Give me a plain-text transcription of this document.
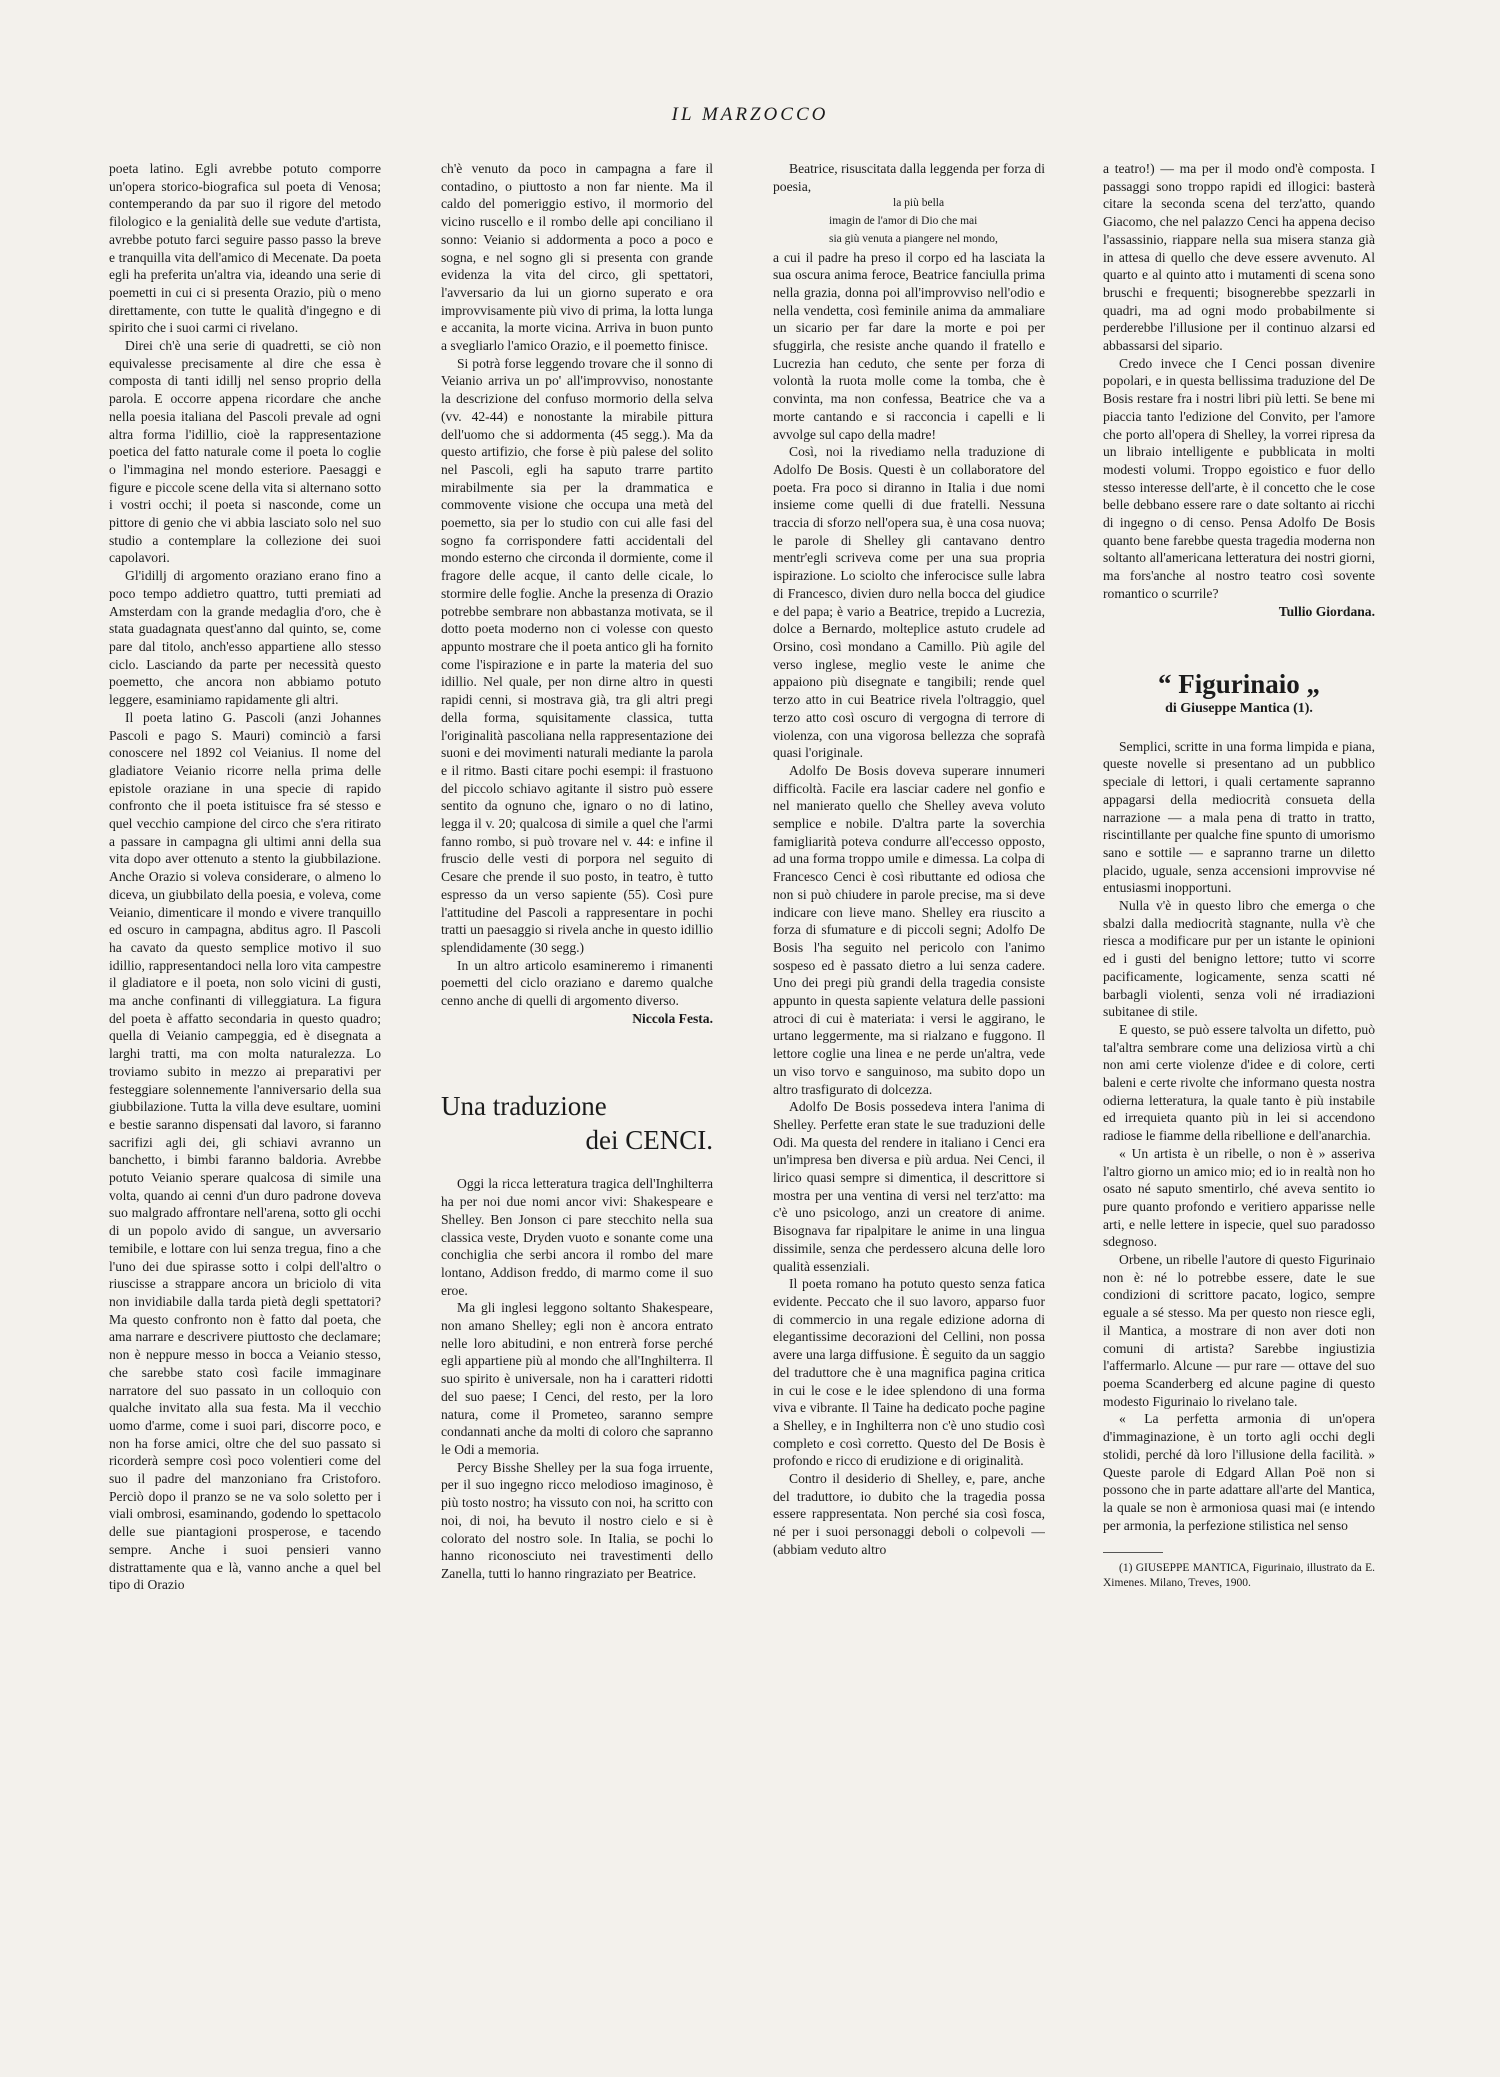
IL MARZOCCO

poeta latino. Egli avrebbe potuto comporre un'opera storico-biografica sul poeta di Venosa; contemperando da par suo il rigore del metodo filologico e la genialità delle sue vedute d'artista, avrebbe potuto farci seguire passo passo la breve e tranquilla vita dell'amico di Mecenate. Da poeta egli ha preferita un'altra via, ideando una serie di poemetti in cui ci si presenta Orazio, più o meno direttamente, con tutte le qualità d'ingegno e di spirito che i suoi carmi ci rivelano.

Direi ch'è una serie di quadretti, se ciò non equivalesse precisamente al dire che essa è composta di tanti idillj nel senso proprio della parola. E occorre appena ricordare che anche nella poesia italiana del Pascoli prevale ad ogni altra forma l'idillio, cioè la rappresentazione poetica del fatto naturale come il poeta lo coglie o l'immagina nel mondo esteriore. Paesaggi e figure e piccole scene della vita si alternano sotto i vostri occhi; il poeta si nasconde, come un pittore di genio che vi abbia lasciato solo nel suo studio a contemplare la collezione dei suoi capolavori.

Gl'idillj di argomento oraziano erano fino a poco tempo addietro quattro, tutti premiati ad Amsterdam con la grande medaglia d'oro, che è stata guadagnata quest'anno dal quinto, se, come pare dal titolo, anch'esso appartiene allo stesso ciclo. Lasciando da parte per necessità questo poemetto, che ancora non abbiamo potuto leggere, esaminiamo rapidamente gli altri.

Il poeta latino G. Pascoli (anzi Johannes Pascoli e pago S. Mauri) cominciò a farsi conoscere nel 1892 col Veianius. Il nome del gladiatore Veianio ricorre nella prima delle epistole oraziane in una specie di rapido confronto che il poeta istituisce fra sé stesso e quel vecchio campione del circo che s'era ritirato a passare in campagna gli ultimi anni della sua vita dopo aver ottenuto a stento la giubbilazione. Anche Orazio si voleva considerare, o almeno lo diceva, un giubbilato della poesia, e voleva, come Veianio, dimenticare il mondo e vivere tranquillo ed oscuro in campagna, abditus agro. Il Pascoli ha cavato da questo semplice motivo il suo idillio, rappresentandoci nella loro vita campestre il gladiatore e il poeta, non solo vicini di gusti, ma anche confinanti di villeggiatura. La figura del poeta è affatto secondaria in questo quadro; quella di Veianio campeggia, ed è disegnata a larghi tratti, ma con molta naturalezza. Lo troviamo subito in mezzo ai preparativi per festeggiare solennemente l'anniversario della sua giubbilazione. Tutta la villa deve esultare, uomini e bestie saranno dispensati dal lavoro, si faranno sacrifizi agli dei, gli schiavi avranno un banchetto, i bimbi faranno baldoria. Avrebbe potuto Veianio sperare qualcosa di simile una volta, quando ai cenni d'un duro padrone doveva suo malgrado affrontare nell'arena, sotto gli occhi di un popolo avido di sangue, un avversario temibile, e lottare con lui senza tregua, fino a che l'uno dei due spirasse sotto i colpi dell'altro o riuscisse a strappare ancora un briciolo di vita non invidiabile dalla tarda pietà degli spettatori? Ma questo confronto non è fatto dal poeta, che ama narrare e descrivere piuttosto che declamare; non è neppure messo in bocca a Veianio stesso, che sarebbe stato così facile immaginare narratore del suo passato in un colloquio con qualche invitato alla sua festa. Ma il vecchio uomo d'arme, come i suoi pari, discorre poco, e non ha forse amici, oltre che del suo passato si ricorderà sempre così poco volentieri come del suo il padre del manzoniano fra Cristoforo. Perciò dopo il pranzo se ne va solo soletto per i viali ombrosi, esaminando, godendo lo spettacolo delle sue piantagioni prosperose, e tacendo sempre. Anche i suoi pensieri vanno distrattamente qua e là, vanno anche a quel bel tipo di Orazio

ch'è venuto da poco in campagna a fare il contadino, o piuttosto a non far niente. Ma il caldo del pomeriggio estivo, il mormorio del vicino ruscello e il rombo delle api conciliano il sonno: Veianio si addormenta a poco a poco e sogna, e nel sogno gli si presenta con grande evidenza la vita del circo, gli spettatori, l'avversario da lui un giorno superato e ora improvvisamente più vivo di prima, la lotta lunga e accanita, la morte vicina. Arriva in buon punto a svegliarlo l'amico Orazio, e il poemetto finisce.

Si potrà forse leggendo trovare che il sonno di Veianio arriva un po' all'improvviso, nonostante la descrizione del confuso mormorio della selva (vv. 42-44) e nonostante la mirabile pittura dell'uomo che si addormenta (45 segg.). Ma da questo artifizio, che forse è più palese del solito nel Pascoli, egli ha saputo trarre partito mirabilmente sia per la drammatica e commovente visione che occupa una metà del poemetto, sia per lo studio con cui alle fasi del sogno fa corrispondere fatti accidentali del mondo esterno che circonda il dormiente, come il fragore delle acque, il canto delle cicale, lo stormire delle foglie. Anche la presenza di Orazio potrebbe sembrare non abbastanza motivata, se il dotto poeta moderno non ci volesse con questo appunto mostrare che il poeta antico gli ha fornito come l'ispirazione e in parte la materia del suo idillio. Nel quale, per non dirne altro in questi rapidi cenni, si mostrava già, tra gli altri pregi della forma, squisitamente classica, tutta l'originalità pascoliana nella rappresentazione dei suoni e dei movimenti naturali mediante la parola e il ritmo. Basti citare pochi esempi: il frastuono del piccolo schiavo agitante il sistro può essere sentito da ognuno che, ignaro o no di latino, legga il v. 20; qualcosa di simile a quel che l'armi fanno rombo, si può trovare nel v. 44: e infine il fruscio delle vesti di porpora nel seguito di Cesare che prende il suo posto, in teatro, è tutto espresso da un verso sapiente (55). Così pure l'attitudine del Pascoli a rappresentare in pochi tratti un paesaggio si rivela anche in questo idillio splendidamente (30 segg.)

In un altro articolo esamineremo i rimanenti poemetti del ciclo oraziano e daremo qualche cenno anche di quelli di argomento diverso.

Niccola Festa.

Una traduzione
dei CENCI.

Oggi la ricca letteratura tragica dell'Inghilterra ha per noi due nomi ancor vivi: Shakespeare e Shelley. Ben Jonson ci pare stecchito nella sua classica veste, Dryden vuoto e sonante come una conchiglia che serbi ancora il rombo del mare lontano, Addison freddo, di marmo come il suo eroe.

Ma gli inglesi leggono soltanto Shakespeare, non amano Shelley; egli non è ancora entrato nelle loro abitudini, e non entrerà forse perché egli appartiene più al mondo che all'Inghilterra. Il suo spirito è universale, non ha i caratteri ridotti del suo paese; I Cenci, del resto, per la loro natura, come il Prometeo, saranno sempre condannati anche da molti di coloro che sapranno le Odi a memoria.

Percy Bisshe Shelley per la sua foga irruente, per il suo ingegno ricco melodioso imaginoso, è più tosto nostro; ha vissuto con noi, ha scritto con noi, di noi, ha bevuto il nostro cielo e si è colorato del nostro sole. In Italia, se pochi lo hanno riconosciuto nei travestimenti dello Zanella, tutti lo hanno ringraziato per Beatrice.

Beatrice, risuscitata dalla leggenda per forza di poesia,

la più bella

imagin de l'amor di Dio che mai

sia giù venuta a piangere nel mondo,

a cui il padre ha preso il corpo ed ha lasciata la sua oscura anima feroce, Beatrice fanciulla prima nella grazia, donna poi all'improvviso nell'odio e nella vendetta, così feminile anima da ammaliare un sicario per far dare la morte e poi per sfuggirla, che resiste anche quando il fratello e Lucrezia han ceduto, che sente per forza di volontà la ruota molle come la tomba, che è convinta, ma non confessa, Beatrice che va a morte cantando e si racconcia i capelli e li avvolge sul capo della madre!

Così, noi la rivediamo nella traduzione di Adolfo De Bosis. Questi è un collaboratore del poeta. Fra poco si diranno in Italia i due nomi insieme come quelli di due fratelli. Nessuna traccia di sforzo nell'opera sua, è una cosa nuova; le parole di Shelley gli cantavano dentro mentr'egli scriveva come per una sua propria ispirazione. Lo sciolto che inferocisce sulle labra di Francesco, divien duro nella bocca del giudice e del papa; è vario a Beatrice, trepido a Lucrezia, dolce a Bernardo, molteplice astuto crudele ad Orsino, così mondano a Camillo. Più agile del verso inglese, meglio veste le anime che appaiono più disegnate e tangibili; rende quel terzo atto in cui Beatrice rivela l'oltraggio, quel terzo atto così oscuro di vergogna di terrore di violenza, con una vigorosa bellezza che soprafà quasi l'originale.

Adolfo De Bosis doveva superare innumeri difficoltà. Facile era lasciar cadere nel gonfio e nel manierato quello che Shelley aveva voluto semplice e nobile. D'altra parte la soverchia famigliarità poteva condurre all'eccesso opposto, ad una forma troppo umile e dimessa. La colpa di Francesco Cenci è così ributtante ed odiosa che non si può chiudere in parole precise, ma si deve indicare con lieve mano. Shelley era riuscito a forza di sfumature e di piccoli segni; Adolfo De Bosis l'ha seguito nel pericolo con l'animo sospeso ed è passato dietro a lui senza cadere. Uno dei pregi più grandi della tragedia consiste appunto in questa sapiente velatura delle passioni atroci di cui è materiata: i versi le aggirano, le urtano leggermente, ma si rialzano e fuggono. Il lettore coglie una linea e ne perde un'altra, vede un viso torvo e sanguinoso, ma subito dopo un altro trasfigurato di dolcezza.

Adolfo De Bosis possedeva intera l'anima di Shelley. Perfette eran state le sue traduzioni delle Odi. Ma questa del rendere in italiano i Cenci era un'impresa ben diversa e più ardua. Nei Cenci, il lirico quasi sempre si dimentica, il descrittore si mostra per una ventina di versi nel terz'atto: ma c'è uno psicologo, anzi un creatore di anime. Bisognava far ripalpitare le anime in una lingua dissimile, senza che perdessero alcuna delle loro qualità essenziali.

Il poeta romano ha potuto questo senza fatica evidente. Peccato che il suo lavoro, apparso fuor di commercio in una regale edizione adorna di elegantissime decorazioni del Cellini, non possa avere una larga diffusione. È seguito da un saggio del traduttore che è una magnifica pagina critica in cui le cose e le idee splendono di una forma viva e vibrante. Il Taine ha dedicato poche pagine a Shelley, e in Inghilterra non c'è uno studio così completo e così corretto. Questo del De Bosis è profondo e ricco di erudizione e di originalità.

Contro il desiderio di Shelley, e, pare, anche del traduttore, io dubito che la tragedia possa essere rappresentata. Non perché sia così fosca, né per i suoi personaggi deboli o colpevoli — (abbiam veduto altro

a teatro!) — ma per il modo ond'è composta. I passaggi sono troppo rapidi ed illogici: basterà citare la seconda scena del terz'atto, quando Giacomo, che nel palazzo Cenci ha appena deciso l'assassinio, riappare nella sua misera stanza già in attesa di quello che deve essere avvenuto. Al quarto e al quinto atto i mutamenti di scena sono bruschi e frequenti; bisognerebbe spezzarli in quadri, ma ad ogni modo probabilmente si perderebbe l'illusione per il continuo alzarsi ed abbassarsi del sipario.

Credo invece che I Cenci possan divenire popolari, e in questa bellissima traduzione del De Bosis restare fra i nostri libri più letti. Se bene mi piaccia tanto l'edizione del Convito, per l'amore che porto all'opera di Shelley, la vorrei ripresa da un libraio intelligente e pubblicata in molti modesti volumi. Troppo egoistico e fuor dello stesso interesse dell'arte, è il concetto che le cose belle debbano essere rare o date soltanto ai ricchi di ingegno o di censo. Pensa Adolfo De Bosis quanto bene farebbe questa tragedia moderna non soltanto all'americana letteratura dei nostri giorni, ma fors'anche al nostro teatro così sovente romantico o scurrile?

Tullio Giordana.

“ Figurinaio „
di Giuseppe Mantica (1).

Semplici, scritte in una forma limpida e piana, queste novelle si presentano ad un pubblico speciale di lettori, i quali certamente sapranno appagarsi della mediocrità consueta della narrazione — a mala pena di tratto in tratto, riscintillante per qualche fine spunto di umorismo sano e sottile — e sapranno trarne un diletto placido, uguale, senza accensioni improvvise né entusiasmi inopportuni.

Nulla v'è in questo libro che emerga o che sbalzi dalla mediocrità stagnante, nulla v'è che riesca a modificare pur per un istante le opinioni ed i gusti del benigno lettore; tutto vi scorre pacificamente, logicamente, senza scatti né barbagli violenti, senza voli né irradiazioni subitanee di stile.

E questo, se può essere talvolta un difetto, può tal'altra sembrare come una deliziosa virtù a chi non ami certe violenze d'idee e di colore, certi baleni e certe rivolte che informano questa nostra odierna letteratura, la quale tanto è più instabile ed irrequieta quanto più in lei si accendono radiose le fiamme della ribellione e dell'anarchia.

« Un artista è un ribelle, o non è » asseriva l'altro giorno un amico mio; ed io in realtà non ho osato né saputo smentirlo, ché aveva sentito io pure quanto profondo e veritiero apparisse nelle arti, e nelle lettere in ispecie, quel suo paradosso sdegnoso.

Orbene, un ribelle l'autore di questo Figurinaio non è: né lo potrebbe essere, date le sue condizioni di scrittore pacato, logico, sempre eguale a sé stesso. Ma per questo non riesce egli, il Mantica, a mostrare di non aver doti non comuni di artista? Sarebbe ingiustizia l'affermarlo. Alcune — pur rare — ottave del suo poema Scanderberg ed alcune pagine di questo modesto Figurinaio lo rivelano tale.

« La perfetta armonia di un'opera d'immaginazione, è un torto agli occhi degli stolidi, perché dà loro l'illusione della facilità. » Queste parole di Edgard Allan Poë non si possono che in parte adattare all'arte del Mantica, la quale se non è armoniosa quasi mai (e intendo per armonia, la perfezione stilistica nel senso

(1) GIUSEPPE MANTICA, Figurinaio, illustrato da E. Ximenes. Milano, Treves, 1900.
